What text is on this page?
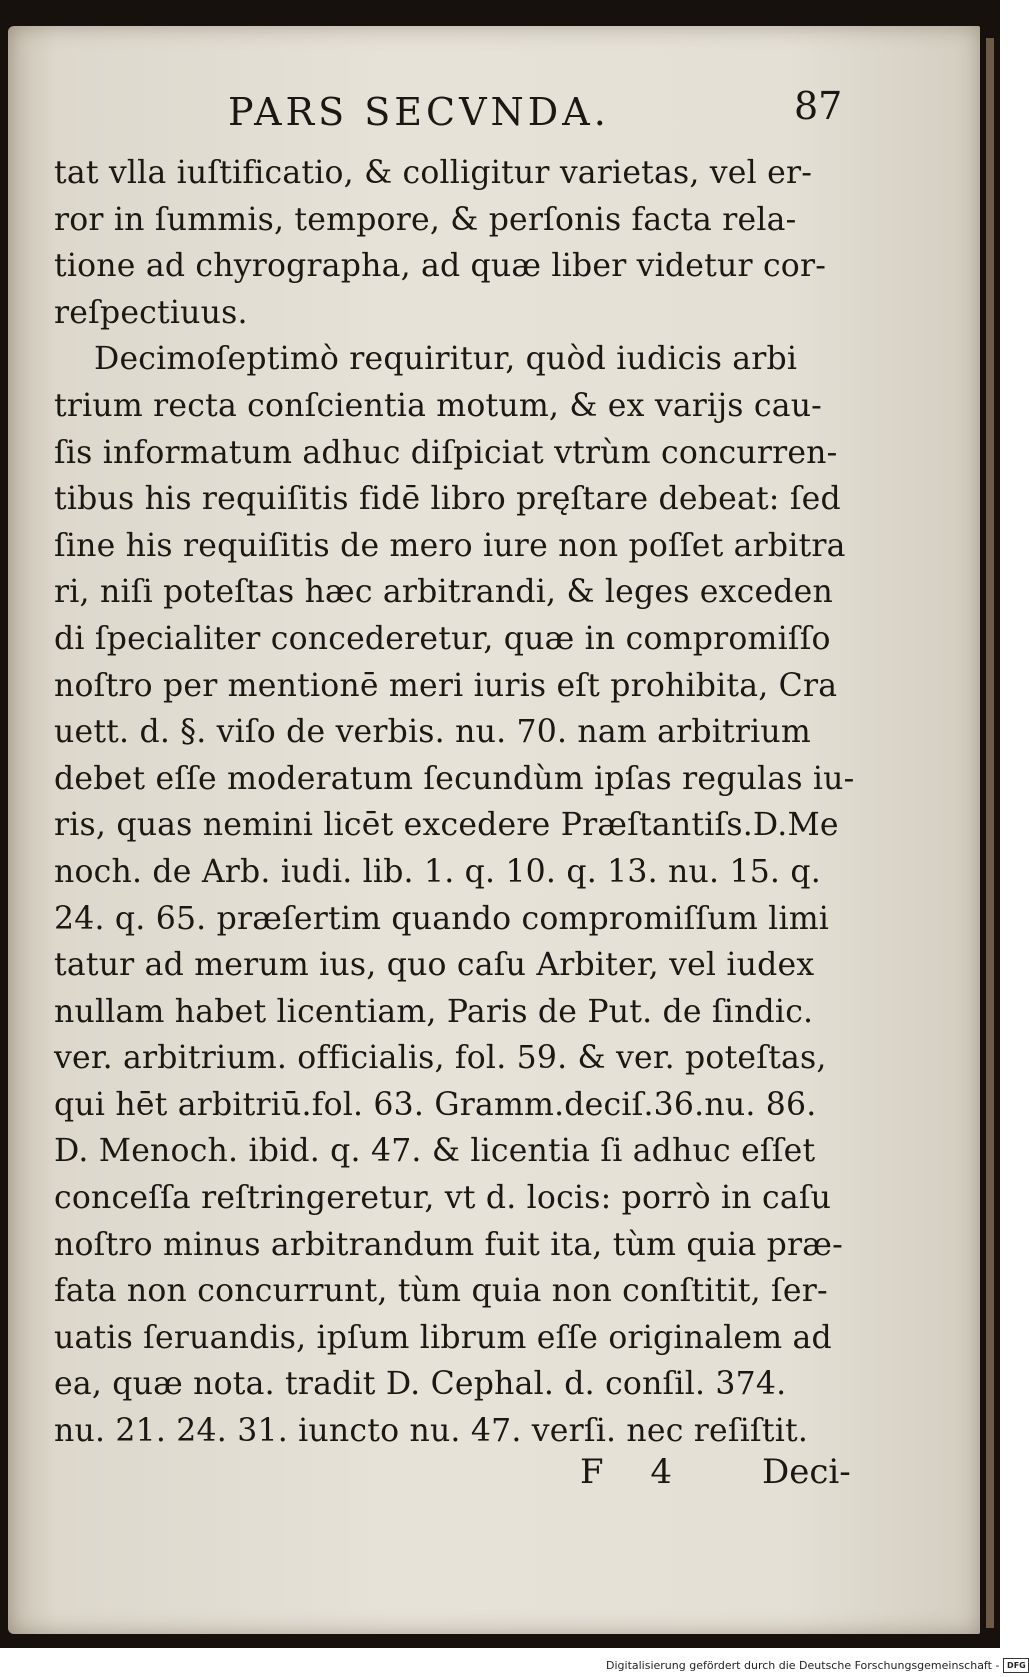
PARS SECVNDA.	87
tat vlla iuſtificatio, & colligitur varietas, vel er-
ror in ſummis, tempore, & perſonis facta rela-
tione ad chyrographa, ad quæ liber videtur cor-
reſpectiuus.
Decimoſeptimò requiritur, quòd iudicis arbi
trium recta conſcientia motum, & ex varijs cau-
ſis informatum adhuc diſpiciat vtrùm concurren-
tibus his requiſitis fidē libro pręſtare debeat: ſed
ſine his requiſitis de mero iure non poſſet arbitra
ri, niſi poteſtas hæc arbitrandi, & leges exceden
di ſpecialiter concederetur, quæ in compromiſſo
noſtro per mentionē meri iuris eſt prohibita, Cra
uett. d. §. viſo de verbis. nu. 70. nam arbitrium
debet eſſe moderatum ſecundùm ipſas regulas iu-
ris, quas nemini licēt excedere Præſtantiſs.D.Me
noch. de Arb. iudi. lib. 1. q. 10. q. 13. nu. 15. q.
24. q. 65. præſertim quando compromiſſum limi
tatur ad merum ius, quo caſu Arbiter, vel iudex
nullam habet licentiam, Paris de Put. de ſindic.
ver. arbitrium. officialis, fol. 59. & ver. poteſtas,
qui hēt arbitriū.fol. 63. Gramm.deciſ.36.nu. 86.
D. Menoch. ibid. q. 47. & licentia ſi adhuc eſſet
conceſſa reſtringeretur, vt d. locis: porrò in caſu
noſtro minus arbitrandum fuit ita, tùm quia præ-
fata non concurrunt, tùm quia non conſtitit, ſer-
uatis ſeruandis, ipſum librum eſſe originalem ad
ea, quæ nota. tradit D. Cephal. d. conſil. 374.
nu. 21. 24. 31. iuncto nu. 47. verſi. nec reſiſtit.
F 4 Deci-
Digitalisierung gefördert durch die Deutsche Forschungsgemeinschaft - DFG
